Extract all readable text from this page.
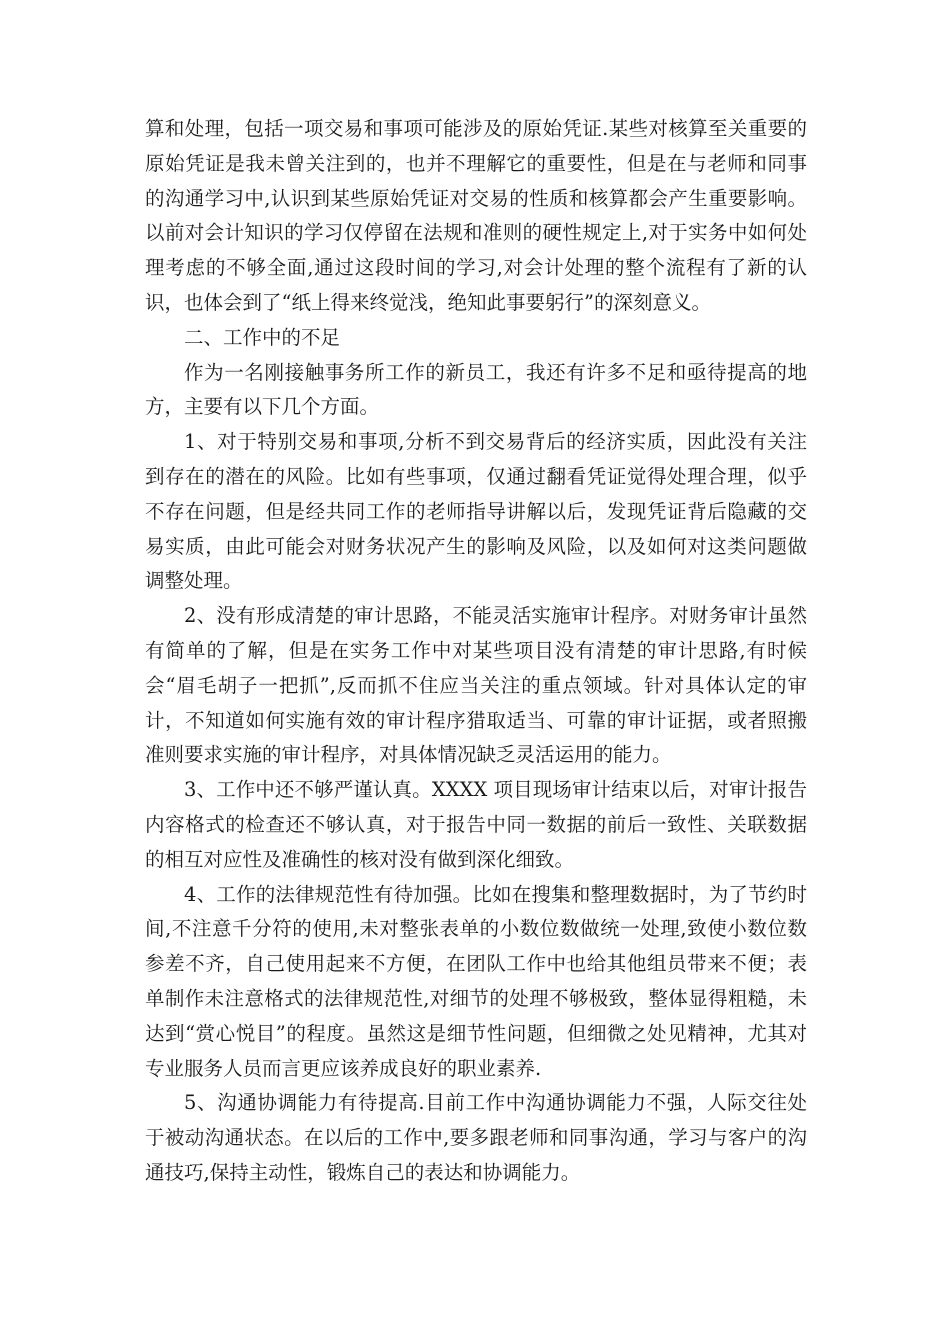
算和处理，包括一项交易和事项可能涉及的原始凭证.某些对核算至关重要的原始凭证是我未曾关注到的，也并不理解它的重要性，但是在与老师和同事的沟通学习中,认识到某些原始凭证对交易的性质和核算都会产生重要影响。以前对会计知识的学习仅停留在法规和准则的硬性规定上,对于实务中如何处理考虑的不够全面,通过这段时间的学习,对会计处理的整个流程有了新的认识，也体会到了“纸上得来终觉浅，绝知此事要躬行”的深刻意义。

二、工作中的不足

作为一名刚接触事务所工作的新员工，我还有许多不足和亟待提高的地方，主要有以下几个方面。

1、对于特别交易和事项,分析不到交易背后的经济实质，因此没有关注到存在的潜在的风险。比如有些事项，仅通过翻看凭证觉得处理合理，似乎不存在问题，但是经共同工作的老师指导讲解以后，发现凭证背后隐藏的交易实质，由此可能会对财务状况产生的影响及风险，以及如何对这类问题做调整处理。

2、没有形成清楚的审计思路，不能灵活实施审计程序。对财务审计虽然有简单的了解，但是在实务工作中对某些项目没有清楚的审计思路,有时候会“眉毛胡子一把抓”,反而抓不住应当关注的重点领域。针对具体认定的审计，不知道如何实施有效的审计程序猎取适当、可靠的审计证据，或者照搬准则要求实施的审计程序，对具体情况缺乏灵活运用的能力。

3、工作中还不够严谨认真。XXXX 项目现场审计结束以后，对审计报告内容格式的检查还不够认真，对于报告中同一数据的前后一致性、关联数据的相互对应性及准确性的核对没有做到深化细致。

4、工作的法律规范性有待加强。比如在搜集和整理数据时，为了节约时间,不注意千分符的使用,未对整张表单的小数位数做统一处理,致使小数位数参差不齐，自己使用起来不方便，在团队工作中也给其他组员带来不便；表单制作未注意格式的法律规范性,对细节的处理不够极致，整体显得粗糙，未达到“赏心悦目”的程度。虽然这是细节性问题，但细微之处见精神，尤其对专业服务人员而言更应该养成良好的职业素养.

5、沟通协调能力有待提高.目前工作中沟通协调能力不强，人际交往处于被动沟通状态。在以后的工作中,要多跟老师和同事沟通，学习与客户的沟通技巧,保持主动性，锻炼自己的表达和协调能力。
